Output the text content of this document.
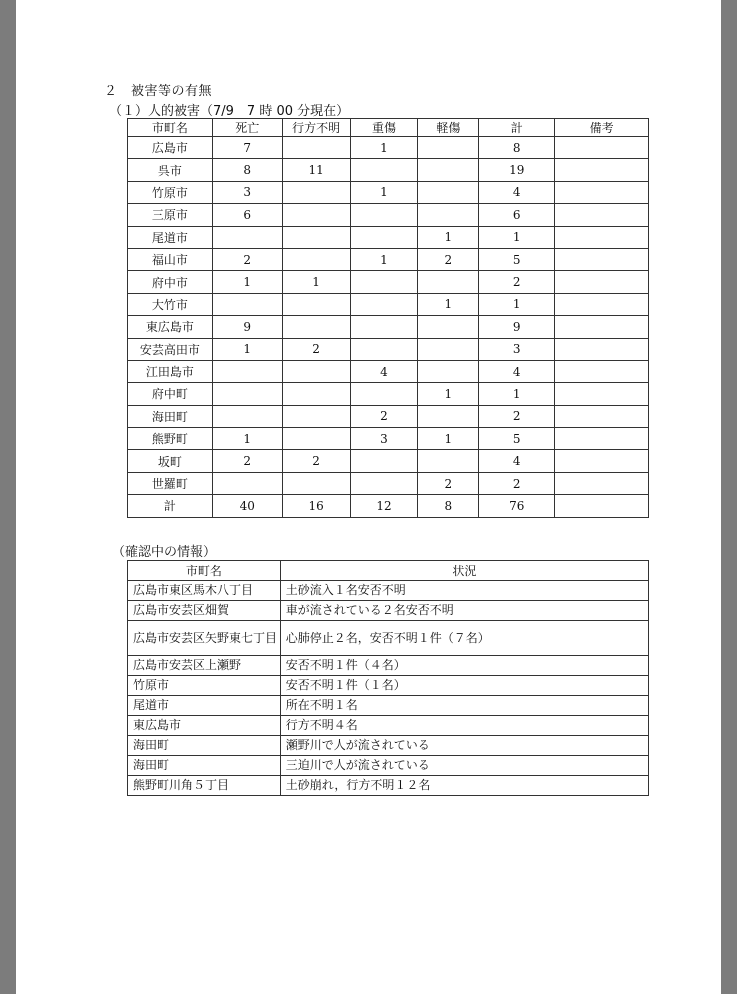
２　被害等の有無
（１）人的被害（7/9　7 時 00 分現在）
市町名	死亡	行方不明	重傷	軽傷	計	備考
広島市	7		1		8	
呉市	8	11			19	
竹原市	3		1		4	
三原市	6				6	
尾道市				1	1	
福山市	2		1	2	5	
府中市	1	1			2	
大竹市				1	1	
東広島市	9				9	
安芸高田市	1	2			3	
江田島市			4		4	
府中町				1	1	
海田町			2		2	
熊野町	1		3	1	5	
坂町	2	2			4	
世羅町				2	2	
計	40	16	12	8	76	
（確認中の情報）
市町名	状況
広島市東区馬木八丁目	土砂流入１名安否不明
広島市安芸区畑賀	車が流されている２名安否不明
広島市安芸区矢野東七丁目	心肺停止２名，安否不明１件（７名）
広島市安芸区上瀬野	安否不明１件（４名）
竹原市	安否不明１件（１名）
尾道市	所在不明１名
東広島市	行方不明４名
海田町	瀬野川で人が流されている
海田町	三迫川で人が流されている
熊野町川角５丁目	土砂崩れ，行方不明１２名
